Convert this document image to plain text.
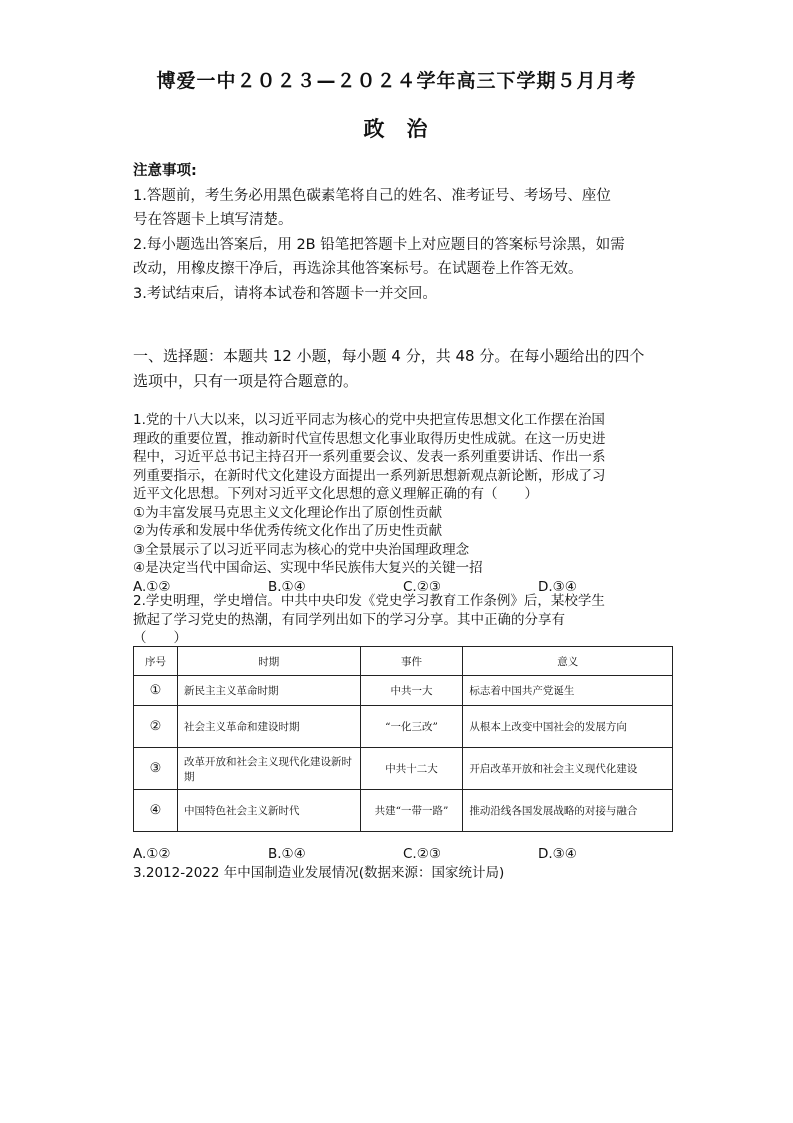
博爱一中２０２３—２０２４学年高三下学期５月月考
政治

注意事项:

1.答题前，考生务必用黑色碳素笔将自己的姓名、准考证号、考场号、座位

号在答题卡上填写清楚。

2.每小题选出答案后，用 2B 铅笔把答题卡上对应题目的答案标号涂黑，如需

改动，用橡皮擦干净后，再选涂其他答案标号。在试题卷上作答无效。

3.考试结束后，请将本试卷和答题卡一并交回。

一、选择题：本题共 12 小题，每小题 4 分，共 48 分。在每小题给出的四个

选项中，只有一项是符合题意的。

1.党的十八大以来，以习近平同志为核心的党中央把宣传思想文化工作摆在治国

理政的重要位置，推动新时代宣传思想文化事业取得历史性成就。在这一历史进

程中，习近平总书记主持召开一系列重要会议、发表一系列重要讲话、作出一系

列重要指示，在新时代文化建设方面提出一系列新思想新观点新论断，形成了习

近平文化思想。下列对习近平文化思想的意义理解正确的有（　　）

①为丰富发展马克思主义文化理论作出了原创性贡献

②为传承和发展中华优秀传统文化作出了历史性贡献

③全景展示了以习近平同志为核心的党中央治国理政理念

④是决定当代中国命运、实现中华民族伟大复兴的关键一招

A.①②	B.①④	C.②③	D.③④

2.学史明理，学史增信。中共中央印发《党史学习教育工作条例》后，某校学生

掀起了学习党史的热潮，有同学列出如下的学习分享。其中正确的分享有

（　　）

序号	时期	事件	意义
①	新民主主义革命时期	中共一大	标志着中国共产党诞生
②	社会主义革命和建设时期	“一化三改”	从根本上改变中国社会的发展方向
③	改革开放和社会主义现代化建设新时期	中共十二大	开启改革开放和社会主义现代化建设
④	中国特色社会主义新时代	共建“一带一路”	推动沿线各国发展战略的对接与融合
A.①②	B.①④	C.②③	D.③④

3.2012-2022 年中国制造业发展情况(数据来源：国家统计局)
